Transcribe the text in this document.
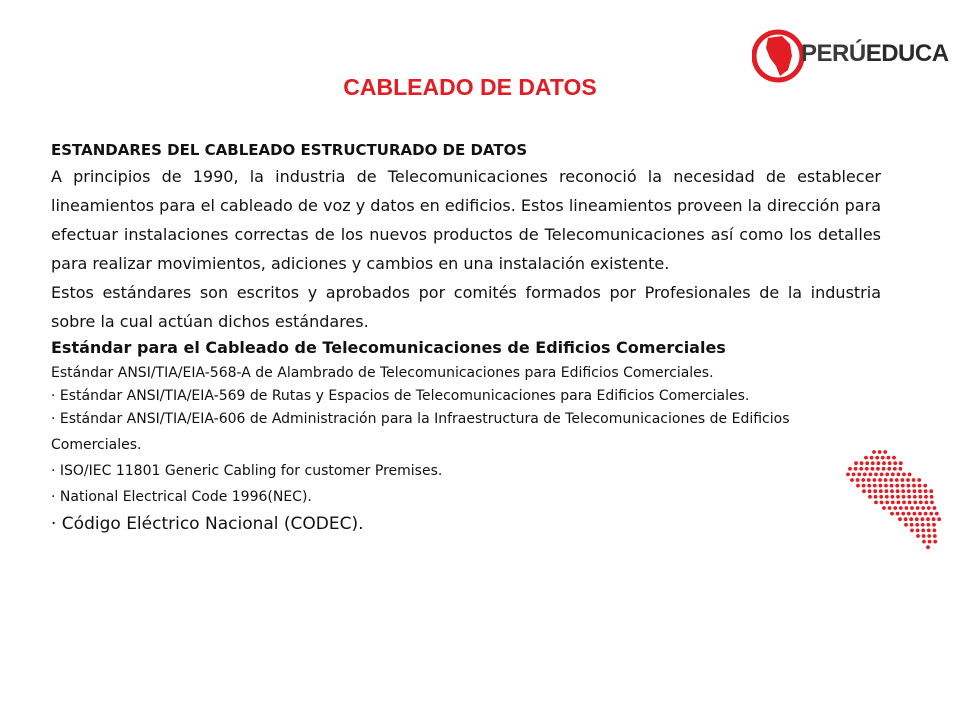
PERÚEDUCA
CABLEADO DE DATOS

ESTANDARES DEL CABLEADO ESTRUCTURADO DE DATOS

A principios de 1990, la industria de Telecomunicaciones reconoció la necesidad de establecer lineamientos para el cableado de voz y datos en edificios. Estos lineamientos proveen la dirección para efectuar instalaciones correctas de los nuevos productos de Telecomunicaciones así como los detalles para realizar movimientos, adiciones y cambios en una instalación existente.

Estos estándares son escritos y aprobados por comités formados por Profesionales de la industria sobre la cual actúan dichos estándares.

Estándar para el Cableado de Telecomunicaciones de Edificios Comerciales

Estándar ANSI/TIA/EIA-568-A de Alambrado de Telecomunicaciones para Edificios Comerciales.

· Estándar ANSI/TIA/EIA-569 de Rutas y Espacios de Telecomunicaciones para Edificios Comerciales.

· Estándar ANSI/TIA/EIA-606 de Administración para la Infraestructura de Telecomunicaciones de Edificios Comerciales.

· ISO/IEC 11801 Generic Cabling for customer Premises.

· National Electrical Code 1996(NEC).

· Código Eléctrico Nacional (CODEC).
